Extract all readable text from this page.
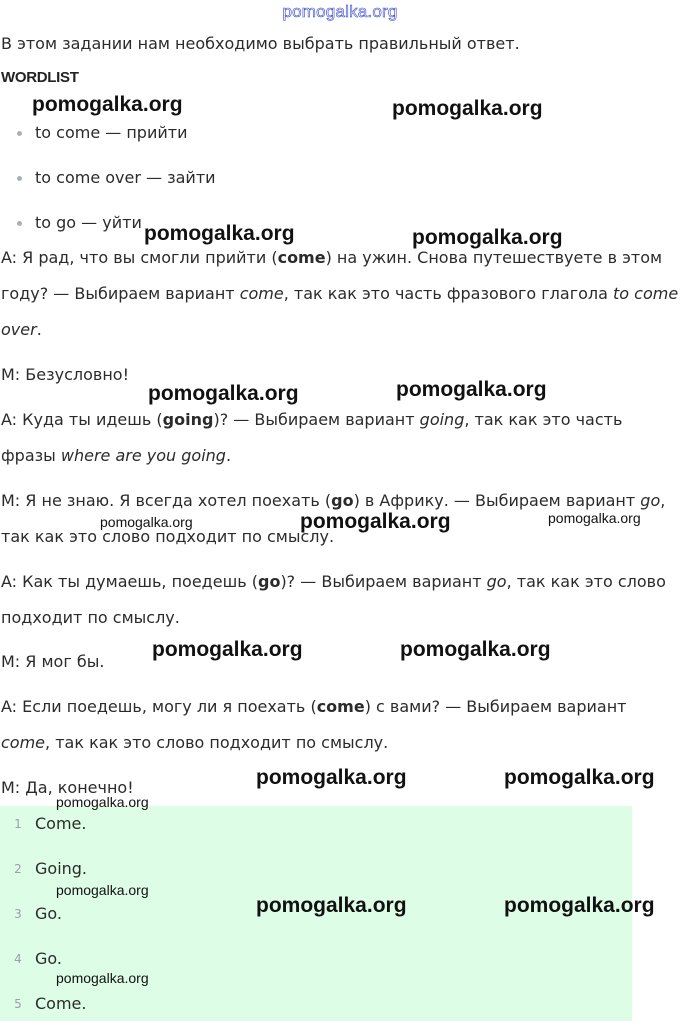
pomogalka.org

В этом задании нам необходимо выбрать правильный ответ.

WORDLIST
to come — прийти
to come over — зайти
to go — уйти

A: Я рад, что вы смогли прийти (come) на ужин. Снова путешествуете в этом году? — Выбираем вариант come, так как это часть фразового глагола to come over.

M: Безусловно!

A: Куда ты идешь (going)? — Выбираем вариант going, так как это часть фразы where are you going.

M: Я не знаю. Я всегда хотел поехать (go) в Африку. — Выбираем вариант go, так как это слово подходит по смыслу.

A: Как ты думаешь, поедешь (go)? — Выбираем вариант go, так как это слово подходит по смыслу.

M: Я мог бы.

A: Если поедешь, могу ли я поехать (come) с вами? — Выбираем вариант come, так как это слово подходит по смыслу.

M: Да, конечно!

1 Come.
2 Going.
3 Go.
4 Go.
5 Come.
pomogalka.org	pomogalka.org
pomogalka.org	pomogalka.org
pomogalka.org	pomogalka.org
pomogalka.org	pomogalka.org	pomogalka.org
pomogalka.org	pomogalka.org
pomogalka.org	pomogalka.org
pomogalka.org
pomogalka.org
pomogalka.org	pomogalka.org
pomogalka.org
